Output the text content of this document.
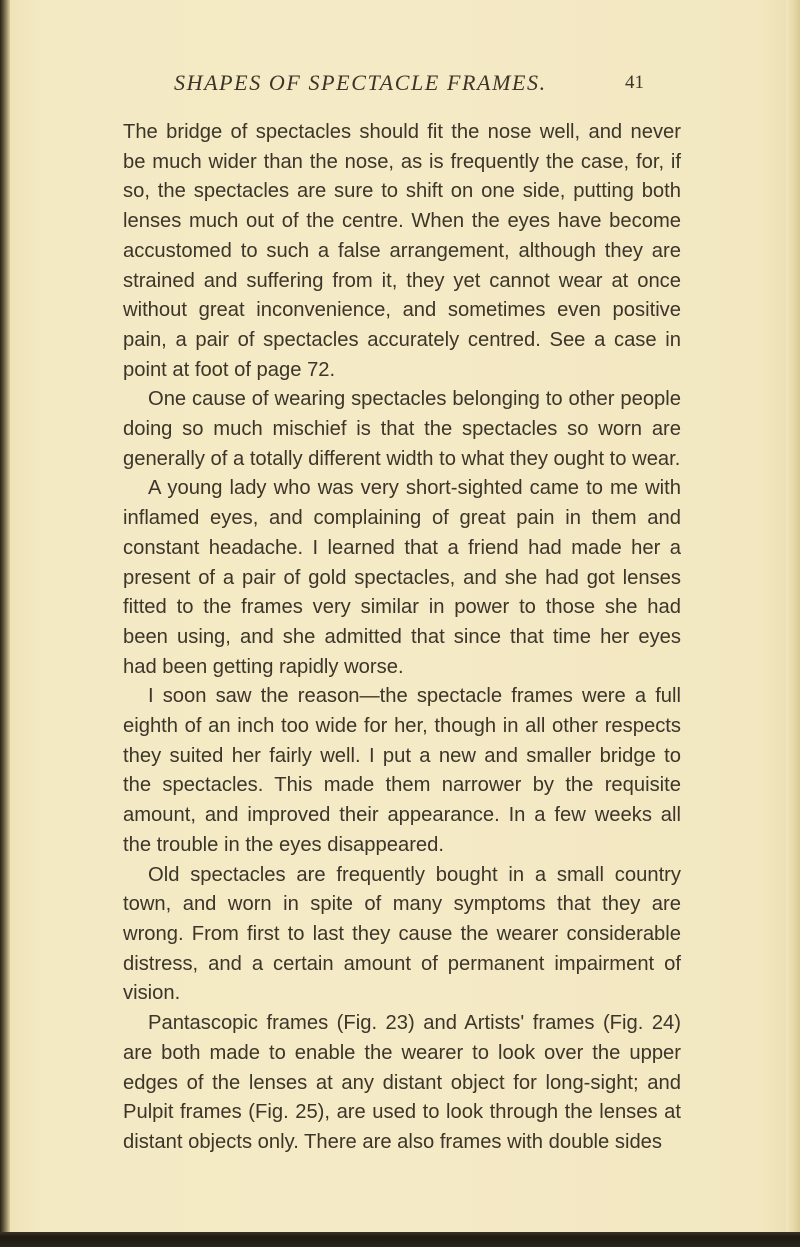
SHAPES OF SPECTACLE FRAMES.	41

The bridge of spectacles should fit the nose well, and never be much wider than the nose, as is frequently the case, for, if so, the spectacles are sure to shift on one side, putting both lenses much out of the centre. When the eyes have become accustomed to such a false arrangement, although they are strained and suffering from it, they yet cannot wear at once without great inconvenience, and sometimes even positive pain, a pair of spectacles accurately centred. See a case in point at foot of page 72.

One cause of wearing spectacles belonging to other people doing so much mischief is that the spectacles so worn are generally of a totally different width to what they ought to wear.

A young lady who was very short-sighted came to me with inflamed eyes, and complaining of great pain in them and constant headache. I learned that a friend had made her a present of a pair of gold spectacles, and she had got lenses fitted to the frames very similar in power to those she had been using, and she admitted that since that time her eyes had been getting rapidly worse.

I soon saw the reason—the spectacle frames were a full eighth of an inch too wide for her, though in all other respects they suited her fairly well. I put a new and smaller bridge to the spectacles. This made them narrower by the requisite amount, and improved their appearance. In a few weeks all the trouble in the eyes disappeared.

Old spectacles are frequently bought in a small country town, and worn in spite of many symptoms that they are wrong. From first to last they cause the wearer considerable distress, and a certain amount of permanent impairment of vision.

Pantascopic frames (Fig. 23) and Artists' frames (Fig. 24) are both made to enable the wearer to look over the upper edges of the lenses at any distant object for long-sight; and Pulpit frames (Fig. 25), are used to look through the lenses at distant objects only. There are also frames with double sides
